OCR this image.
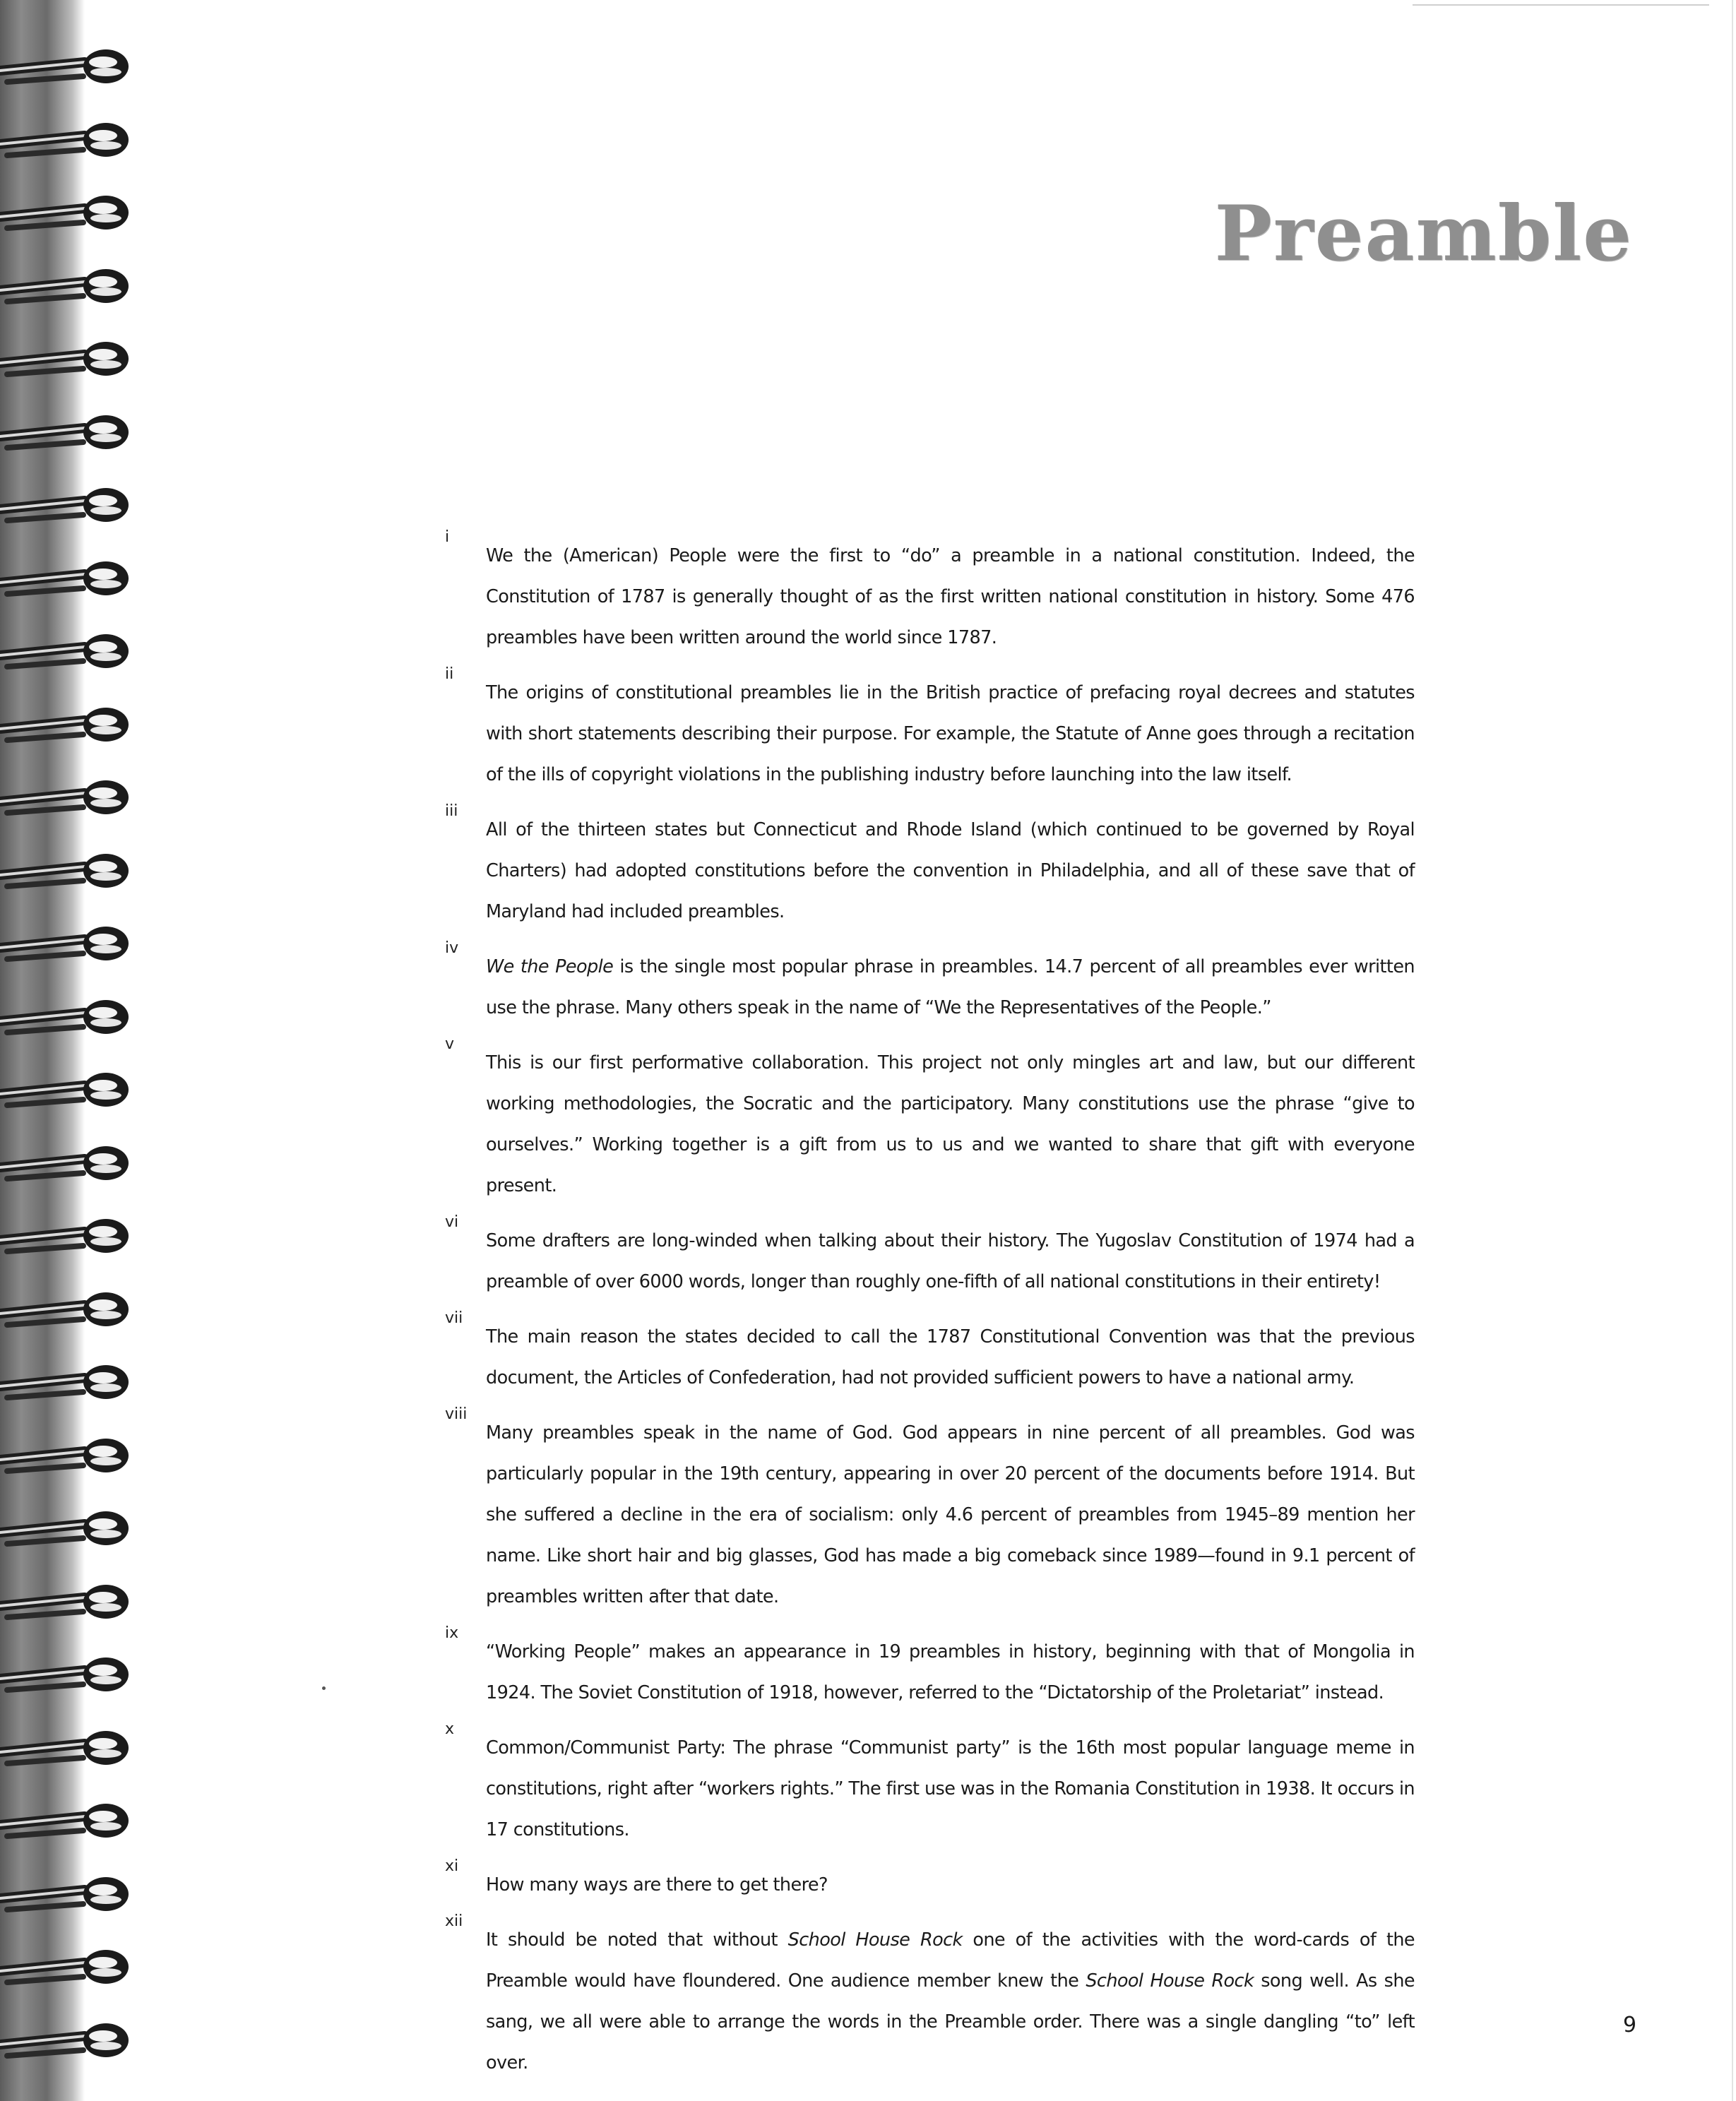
Preamble
i
We the (American) People were the first to “do” a preamble in a national constitution. Indeed, the Constitution of 1787 is generally thought of as the first written national constitution in history. Some 476 preambles have been written around the world since 1787.
ii
The origins of constitutional preambles lie in the British practice of prefacing royal decrees and statutes with short statements describing their purpose. For example, the Statute of Anne goes through a recitation of the ills of copyright violations in the publishing industry before launching into the law itself.
iii
All of the thirteen states but Connecticut and Rhode Island (which continued to be governed by Royal Charters) had adopted constitutions before the convention in Philadelphia, and all of these save that of Maryland had included preambles.
iv
We the People is the single most popular phrase in preambles. 14.7 percent of all preambles ever written use the phrase. Many others speak in the name of “We the Representatives of the People.”
v
This is our first performative collaboration. This project not only mingles art and law, but our different working methodologies, the Socratic and the participatory. Many constitutions use the phrase “give to ourselves.” Working together is a gift from us to us and we wanted to share that gift with everyone present.
vi
Some drafters are long-winded when talking about their history. The Yugoslav Constitution of 1974 had a preamble of over 6000 words, longer than roughly one-fifth of all national constitutions in their entirety!
vii
The main reason the states decided to call the 1787 Constitutional Convention was that the previous document, the Articles of Confederation, had not provided sufficient powers to have a national army.
viii
Many preambles speak in the name of God. God appears in nine percent of all preambles. God was particularly popular in the 19th century, appearing in over 20 percent of the documents before 1914. But she suffered a decline in the era of socialism: only 4.6 percent of preambles from 1945–89 mention her name. Like short hair and big glasses, God has made a big comeback since 1989—found in 9.1 percent of preambles written after that date.
ix
“Working People” makes an appearance in 19 preambles in history, beginning with that of Mongolia in 1924. The Soviet Constitution of 1918, however, referred to the “Dictatorship of the Proletariat” instead.
x
Common/Communist Party: The phrase “Communist party” is the 16th most popular language meme in constitutions, right after “workers rights.” The first use was in the Romania Constitution in 1938. It occurs in 17 constitutions.
xi
How many ways are there to get there?
xii
It should be noted that without School House Rock one of the activities with the word-cards of the Preamble would have floundered. One audience member knew the School House Rock song well. As she sang, we all were able to arrange the words in the Preamble order. There was a single dangling “to” left over.
9
